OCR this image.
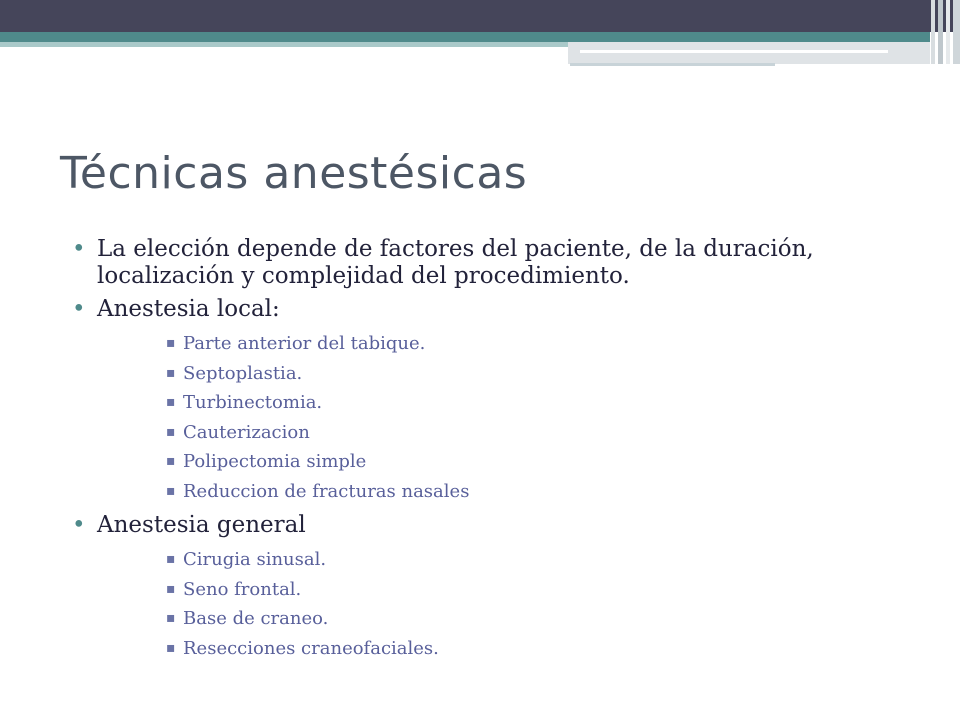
Técnicas anestésicas
• La elección depende de factores del paciente, de la duración, localización y complejidad del procedimiento.
• Anestesia local:
▪ Parte anterior del tabique.
▪ Septoplastia.
▪ Turbinectomia.
▪ Cauterizacion
▪ Polipectomia simple
▪ Reduccion de fracturas nasales
• Anestesia general
▪ Cirugia sinusal.
▪ Seno frontal.
▪ Base de craneo.
▪ Resecciones craneofaciales.
